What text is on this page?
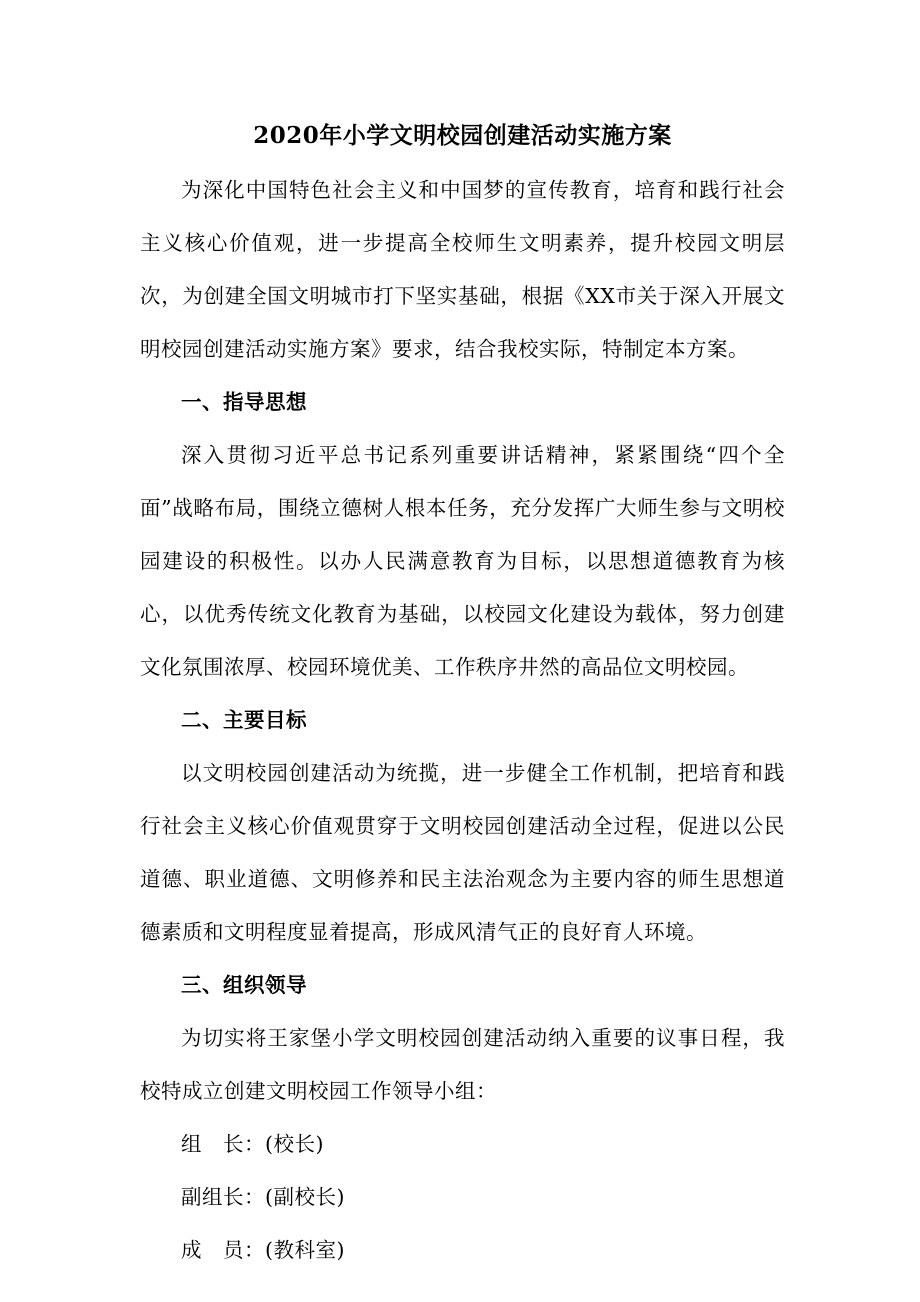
2020年小学文明校园创建活动实施方案

为深化中国特色社会主义和中国梦的宣传教育，培育和践行社会主义核心价值观，进一步提高全校师生文明素养，提升校园文明层次，为创建全国文明城市打下坚实基础，根据《XX市关于深入开展文明校园创建活动实施方案》要求，结合我校实际，特制定本方案。

一、指导思想

深入贯彻习近平总书记系列重要讲话精神，紧紧围绕“四个全面”战略布局，围绕立德树人根本任务，充分发挥广大师生参与文明校园建设的积极性。以办人民满意教育为目标，以思想道德教育为核心，以优秀传统文化教育为基础，以校园文化建设为载体，努力创建文化氛围浓厚、校园环境优美、工作秩序井然的高品位文明校园。

二、主要目标

以文明校园创建活动为统揽，进一步健全工作机制，把培育和践行社会主义核心价值观贯穿于文明校园创建活动全过程，促进以公民道德、职业道德、文明修养和民主法治观念为主要内容的师生思想道德素质和文明程度显着提高，形成风清气正的良好育人环境。

三、组织领导

为切实将王家堡小学文明校园创建活动纳入重要的议事日程，我校特成立创建文明校园工作领导小组：

组　长：(校长)

副组长：(副校长)

成　员：(教科室)
